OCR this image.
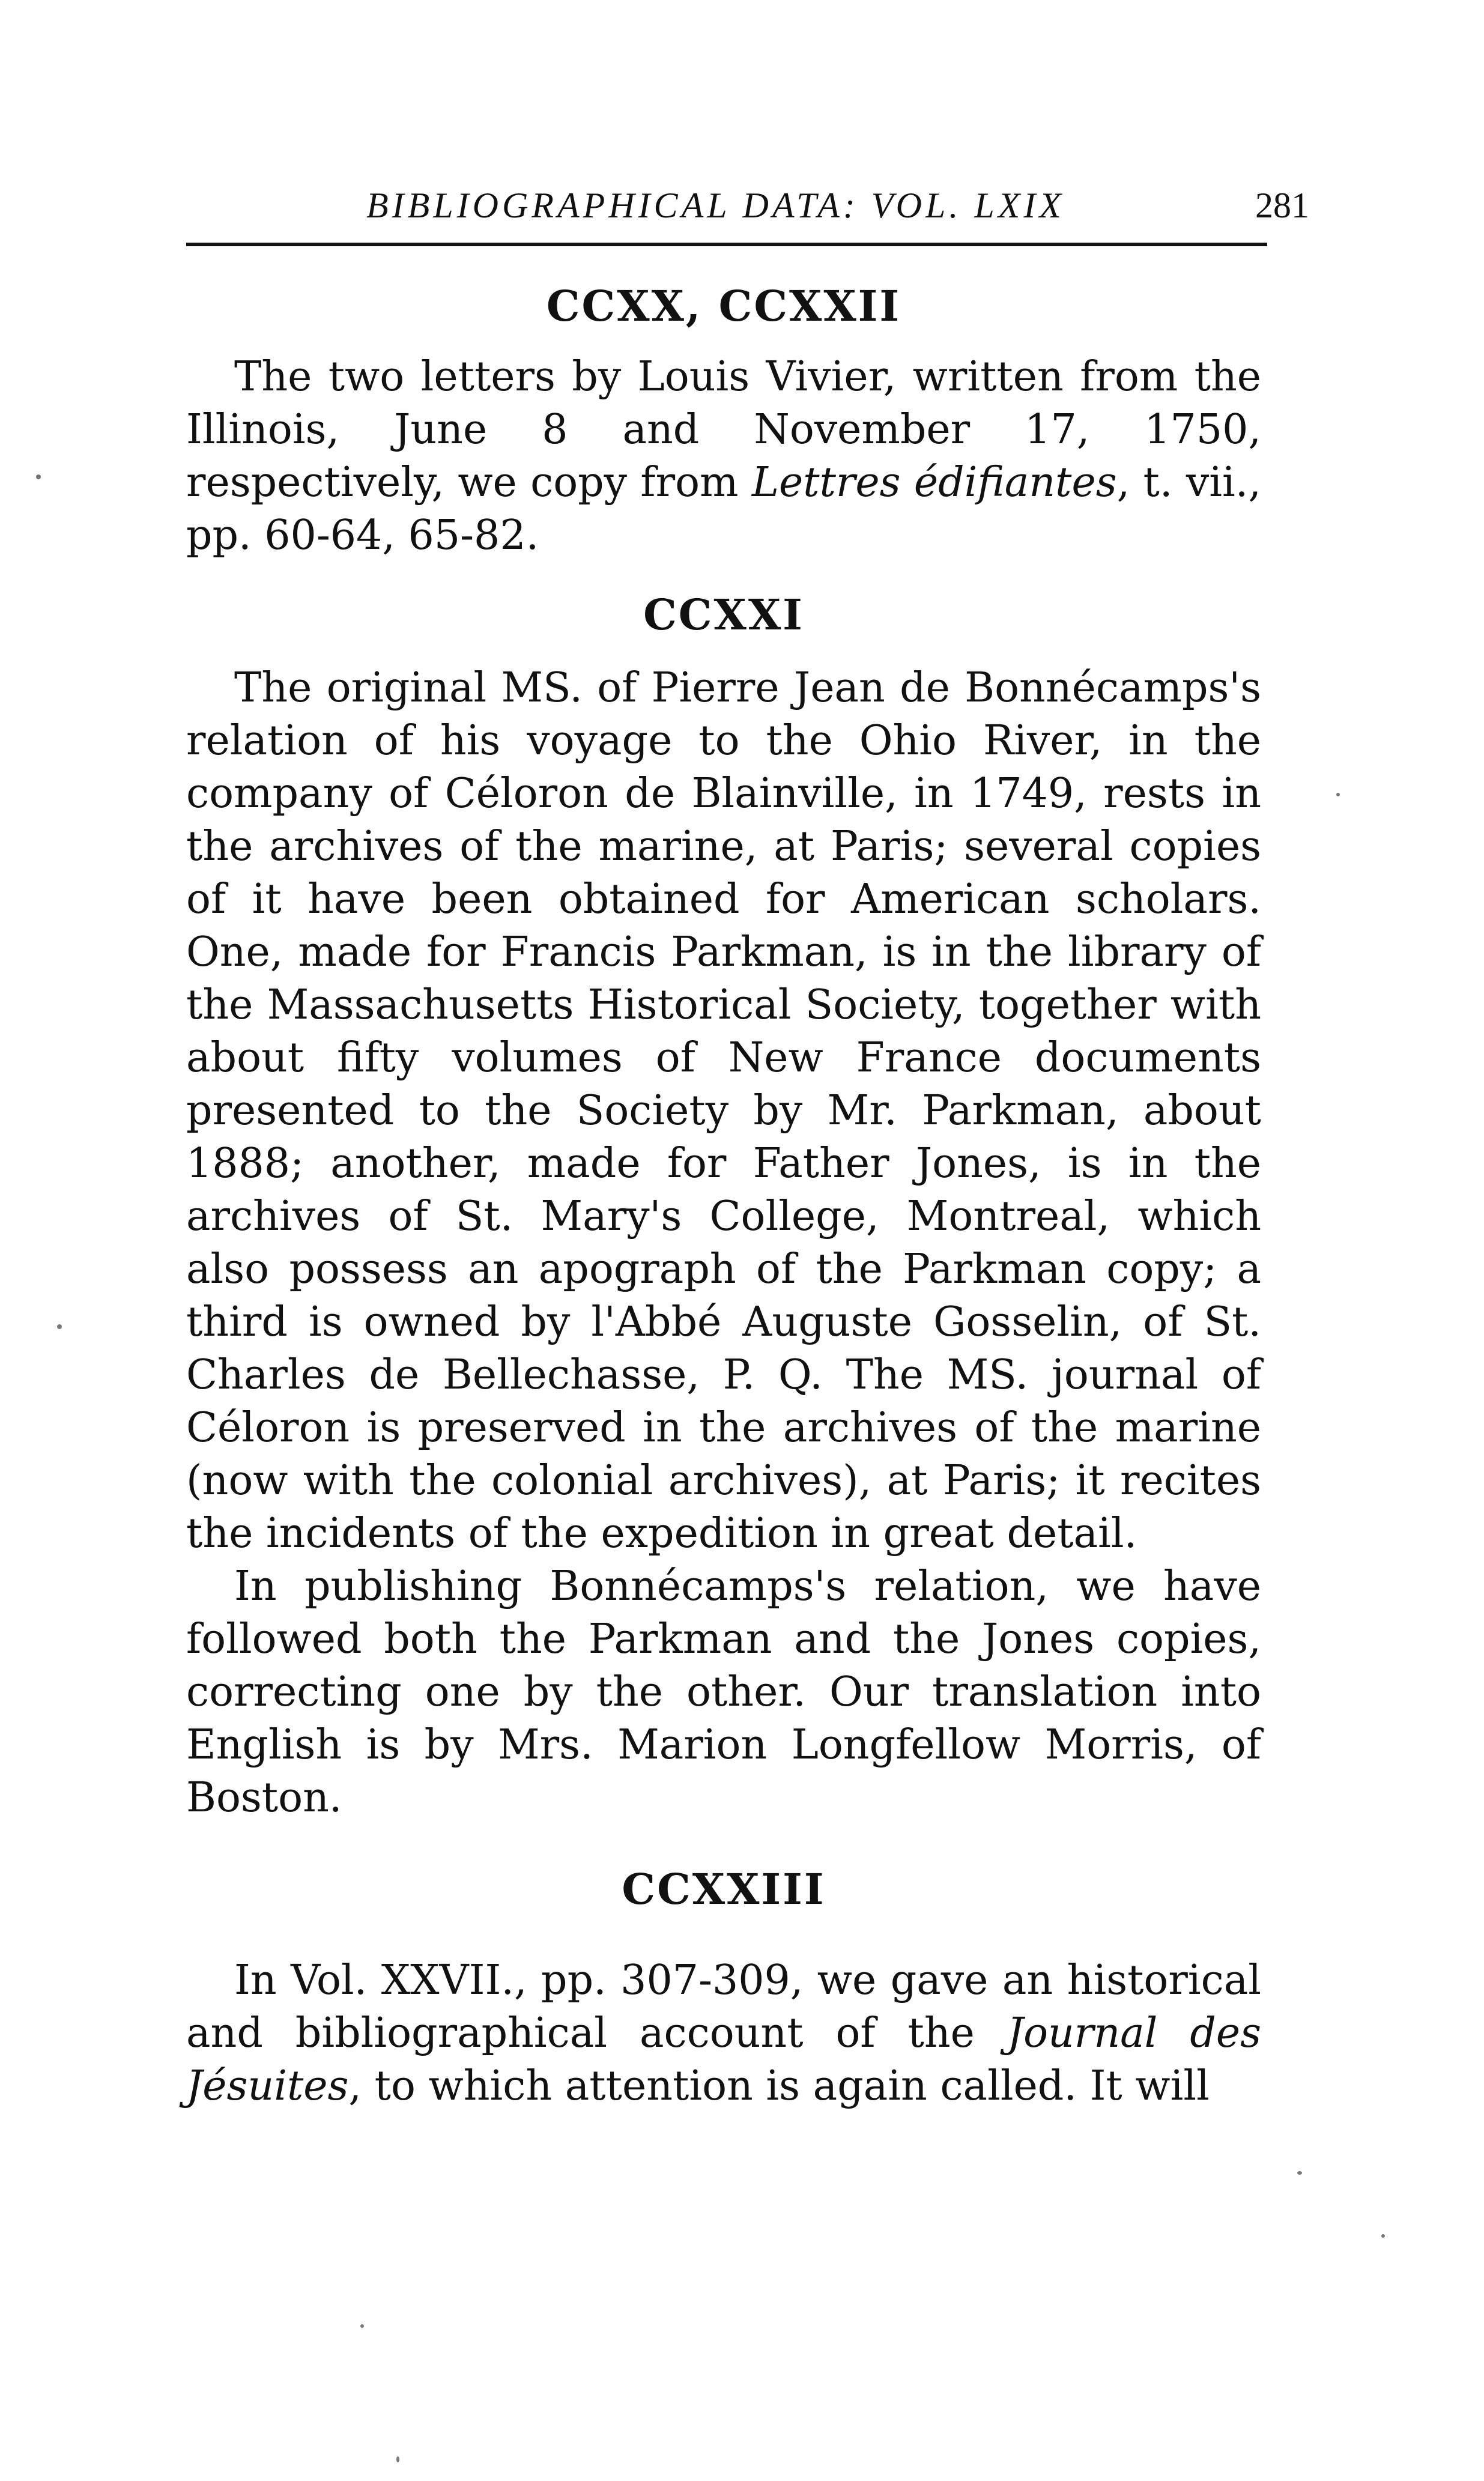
BIBLIOGRAPHICAL DATA: VOL. LXIX	281
CCXX, CCXXII

The two letters by Louis Vivier, written from the Illinois, June 8 and November 17, 1750, respectively, we copy from Lettres édifiantes, t. vii., pp. 60-64, 65-82.

CCXXI

The original MS. of Pierre Jean de Bonnécamps's relation of his voyage to the Ohio River, in the company of Céloron de Blainville, in 1749, rests in the archives of the marine, at Paris; several copies of it have been obtained for American scholars. One, made for Francis Parkman, is in the library of the Massachusetts Historical Society, together with about fifty volumes of New France documents presented to the Society by Mr. Parkman, about 1888; another, made for Father Jones, is in the archives of St. Mary's College, Montreal, which also possess an apograph of the Parkman copy; a third is owned by l'Abbé Auguste Gosselin, of St. Charles de Bellechasse, P. Q. The MS. journal of Céloron is preserved in the archives of the marine (now with the colonial archives), at Paris; it recites the incidents of the expedition in great detail.

In publishing Bonnécamps's relation, we have followed both the Parkman and the Jones copies, correcting one by the other. Our translation into English is by Mrs. Marion Longfellow Morris, of Boston.

CCXXIII

In Vol. XXVII., pp. 307-309, we gave an historical and bibliographical account of the Journal des Jésuites, to which attention is again called. It will
